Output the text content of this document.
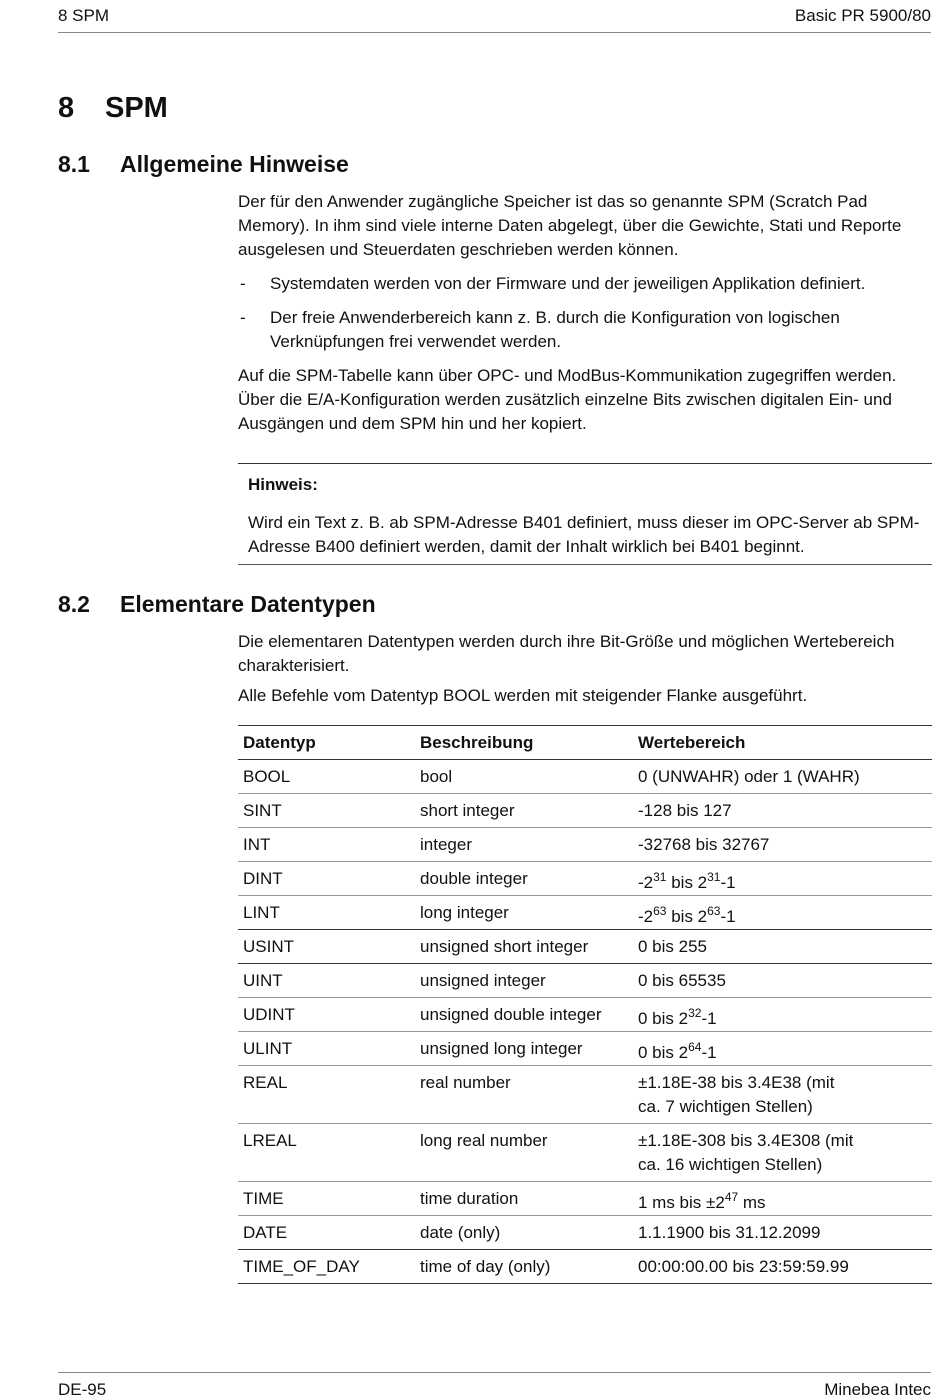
8 SPM	Basic PR 5900/80
8 SPM
8.1 Allgemeine Hinweise

Der für den Anwender zugängliche Speicher ist das so genannte SPM (Scratch Pad Memory). In ihm sind viele interne Daten abgelegt, über die Gewichte, Stati und Reporte ausgelesen und Steuerdaten geschrieben werden können.

- Systemdaten werden von der Firmware und der jeweiligen Applikation definiert.
- Der freie Anwenderbereich kann z. B. durch die Konfiguration von logischen Verknüpfungen frei verwendet werden.

Auf die SPM-Tabelle kann über OPC- und ModBus-Kommunikation zugegriffen werden. Über die E/A-Konfiguration werden zusätzlich einzelne Bits zwischen digitalen Ein- und Ausgängen und dem SPM hin und her kopiert.

Hinweis:
Wird ein Text z. B. ab SPM-Adresse B401 definiert, muss dieser im OPC-Server ab SPM-Adresse B400 definiert werden, damit der Inhalt wirklich bei B401 beginnt.
8.2 Elementare Datentypen

Die elementaren Datentypen werden durch ihre Bit-Größe und möglichen Wertebereich charakterisiert.

Alle Befehle vom Datentyp BOOL werden mit steigender Flanke ausgeführt.

Datentyp	Beschreibung	Wertebereich
BOOL	bool	0 (UNWAHR) oder 1 (WAHR)
SINT	short integer	-128 bis 127
INT	integer	-32768 bis 32767
DINT	double integer	$-2^{31}$ bis $2^{31}-1$
LINT	long integer	$-2^{63}$ bis $2^{63}-1$
USINT	unsigned short integer	0 bis 255
UINT	unsigned integer	0 bis 65535
UDINT	unsigned double integer	0 bis $2^{32}-1$
ULINT	unsigned long integer	0 bis $2^{64}-1$
REAL	real number	±1.18E-38 bis 3.4E38 (mit
ca. 7 wichtigen Stellen)

LREAL	long real number	±1.18E-308 bis 3.4E308 (mit
ca. 16 wichtigen Stellen)

TIME	time duration	1 ms bis $\pm 2^{47}$ ms
DATE	date (only)	1.1.1900 bis 31.12.2099
TIME_OF_DAY	time of day (only)	00:00:00.00 bis 23:59:59.99
DE-95	Minebea Intec
